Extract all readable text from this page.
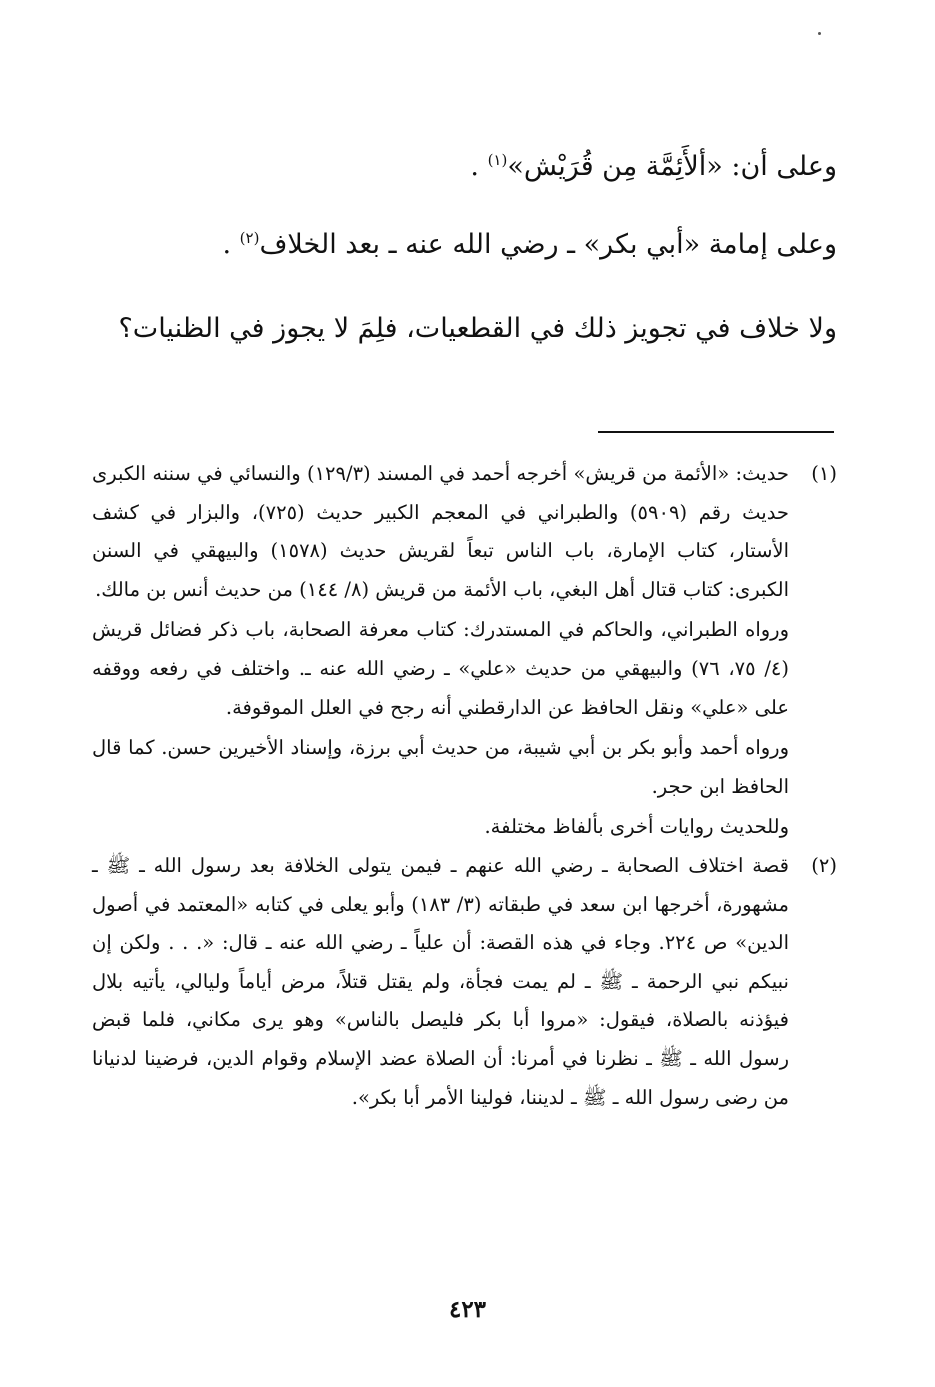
وعلى أن: «ألأَئِمَّة مِن قُرَيْش»$^{(١)}$ .
وعلى إمامة «أبي بكر» ـ رضي الله عنه ـ بعد الخلاف$^{(٢)}$ .
ولا خلاف في تجويز ذلك في القطعيات، فلِمَ لا يجوز في الظنيات؟
(١)

حديث: «الأئمة من قريش» أخرجه أحمد في المسند (١٢٩/٣) والنسائي في سننه الكبرى حديث رقم (٥٩٠٩) والطبراني في المعجم الكبير حديث (٧٢٥)، والبزار في كشف الأستار، كتاب الإمارة، باب الناس تبعاً لقريش حديث (١٥٧٨) والبيهقي في السنن الكبرى: كتاب قتال أهل البغي، باب الأئمة من قريش (٨/ ١٤٤) من حديث أنس بن مالك.

ورواه الطبراني، والحاكم في المستدرك: كتاب معرفة الصحابة، باب ذكر فضائل قريش (٤/ ٧٥، ٧٦) والبيهقي من حديث «علي» ـ رضي الله عنه ـ. واختلف في رفعه ووقفه على «علي» ونقل الحافظ عن الدارقطني أنه رجح في العلل الموقوفة.

ورواه أحمد وأبو بكر بن أبي شيبة، من حديث أبي برزة، وإسناد الأخيرين حسن. كما قال الحافظ ابن حجر.

وللحديث روايات أخرى بألفاظ مختلفة.

(٢)

قصة اختلاف الصحابة ـ رضي الله عنهم ـ فيمن يتولى الخلافة بعد رسول الله ـ ﷺ ـ مشهورة، أخرجها ابن سعد في طبقاته (٣/ ١٨٣) وأبو يعلى في كتابه «المعتمد في أصول الدين» ص ٢٢٤. وجاء في هذه القصة: أن علياً ـ رضي الله عنه ـ قال: «. . . ولكن إن نبيكم نبي الرحمة ـ ﷺ ـ لم يمت فجأة، ولم يقتل قتلاً، مرض أياماً وليالي، يأتيه بلال فيؤذنه بالصلاة، فيقول: «مروا أبا بكر فليصل بالناس» وهو يرى مكاني، فلما قبض رسول الله ـ ﷺ ـ نظرنا في أمرنا: أن الصلاة عضد الإسلام وقوام الدين، فرضينا لدنيانا من رضى رسول الله ـ ﷺ ـ لديننا، فولينا الأمر أبا بكر».

٤٢٣
